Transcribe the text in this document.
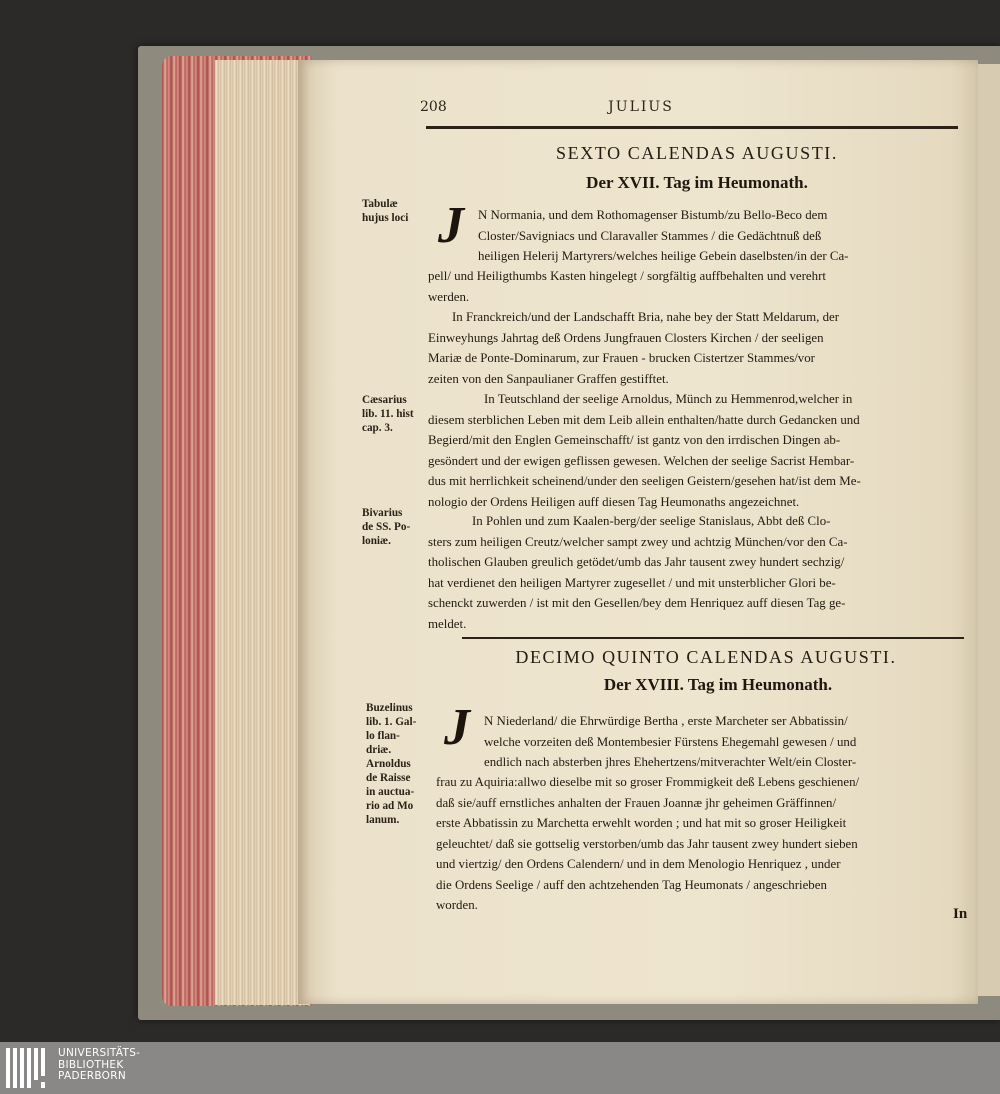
208	JULIUS
SEXTO CALENDAS AUGUSTI.
Der XVII. Tag im Heumonath.
J	N Normania, und dem Rothomagenser Bistumb/zu Bello-Beco dem
Closter/Savigniacs und Claravaller Stammes / die Gedächtnuß deß
heiligen Helerij Martyrers/welches heilige Gebein daselbsten/in der Ca-
pell/ und Heiligthumbs Kasten hingelegt / sorgfältig auffbehalten und verehrt
werden.
In Franckreich/und der Landschafft Bria, nahe bey der Statt Meldarum, der
Einweyhungs Jahrtag deß Ordens Jungfrauen Closters Kirchen / der seeligen
Mariæ de Ponte-Dominarum, zur Frauen - brucken Cistertzer Stammes/vor
zeiten von den Sanpaulianer Graffen gestifftet.
In Teutschland der seelige Arnoldus, Münch zu Hemmenrod,welcher in
diesem sterblichen Leben mit dem Leib allein enthalten/hatte durch Gedancken und
Begierd/mit den Englen Gemeinschafft/ ist gantz von den irrdischen Dingen ab-
gesöndert und der ewigen geflissen gewesen. Welchen der seelige Sacrist Hembar-
dus mit herrlichkeit scheinend/under den seeligen Geistern/gesehen hat/ist dem Me-
nologio der Ordens Heiligen auff diesen Tag Heumonaths angezeichnet.
In Pohlen und zum Kaalen-berg/der seelige Stanislaus, Abbt deß Clo-
sters zum heiligen Creutz/welcher sampt zwey und achtzig München/vor den Ca-
tholischen Glauben greulich getödet/umb das Jahr tausent zwey hundert sechzig/
hat verdienet den heiligen Martyrer zugesellet / und mit unsterblicher Glori be-
schenckt zuwerden / ist mit den Gesellen/bey dem Henriquez auff diesen Tag ge-
meldet.
Tabulæ
hujus loci
Cæsarius
lib. 11. hist
cap. 3.
Bivarius
de SS. Po-
loniæ.
DECIMO QUINTO CALENDAS AUGUSTI.
Der XVIII. Tag im Heumonath.
J	N Niederland/ die Ehrwürdige Bertha , erste Marcheter ser Abbatissin/
welche vorzeiten deß Montembesier Fürstens Ehegemahl gewesen / und
endlich nach absterben jhres Ehehertzens/mitverachter Welt/ein Closter-
frau zu Aquiria:allwo dieselbe mit so groser Frommigkeit deß Lebens geschienen/
daß sie/auff ernstliches anhalten der Frauen Joannæ jhr geheimen Gräffinnen/
erste Abbatissin zu Marchetta erwehlt worden ; und hat mit so groser Heiligkeit
geleuchtet/ daß sie gottselig verstorben/umb das Jahr tausent zwey hundert sieben
und viertzig/ den Ordens Calendern/ und in dem Menologio Henriquez , under
die Ordens Seelige / auff den achtzehenden Tag Heumonats / angeschrieben
worden.
Buzelinus
lib. 1. Gal-
lo flan-
driæ.
Arnoldus
de Raisse
in auctua-
rio ad Mo
lanum.
In
UNIVERSITÄTS-
BIBLIOTHEK
PADERBORN
